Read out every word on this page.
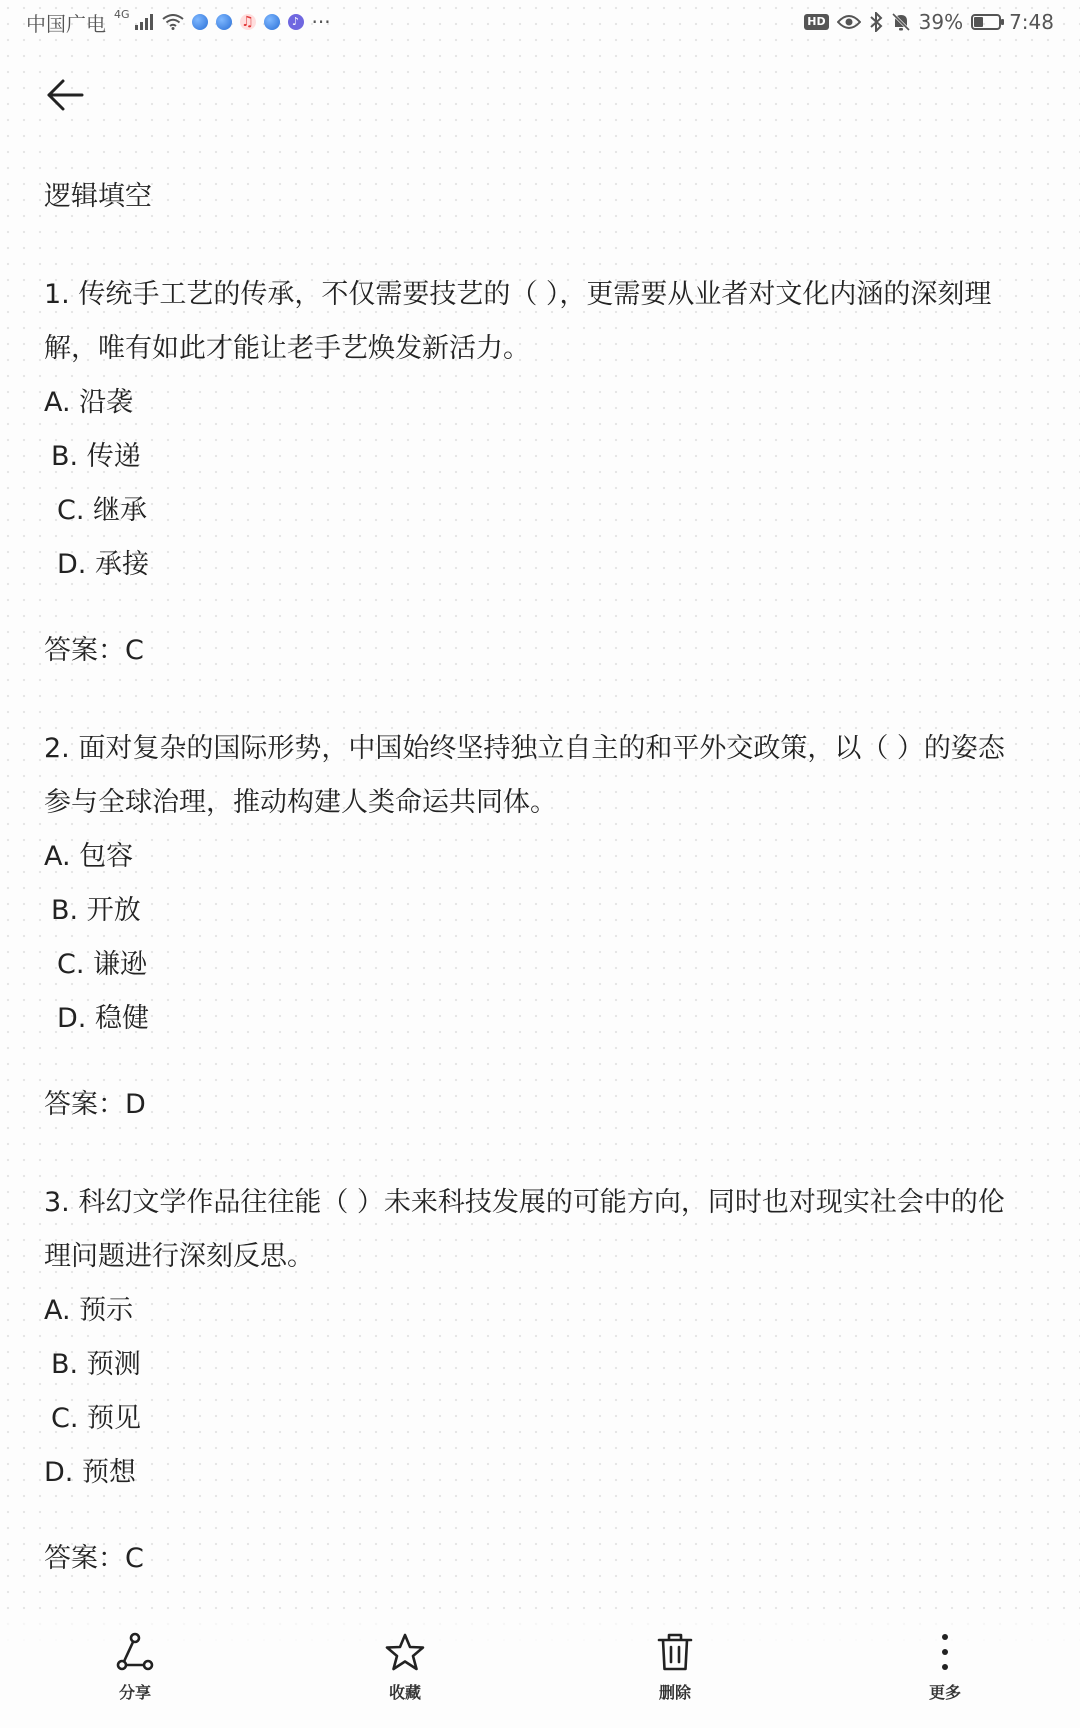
中国广电 4G	♫	♪ ···	HD	39% 7:48

逻辑填空

1. 传统手工艺的传承，不仅需要技艺的（ ），更需要从业者对文化内涵的深刻理解，唯有如此才能让老手艺焕发新活力。

A. 沿袭

B. 传递

C. 继承

D. 承接

答案：C

2. 面对复杂的国际形势，中国始终坚持独立自主的和平外交政策，以（ ）的姿态参与全球治理，推动构建人类命运共同体。

A. 包容

B. 开放

C. 谦逊

D. 稳健

答案：D

3. 科幻文学作品往往能（ ）未来科技发展的可能方向，同时也对现实社会中的伦理问题进行深刻反思。

A. 预示

B. 预测

C. 预见

D. 预想

答案：C

分享	收藏	删除	更多
